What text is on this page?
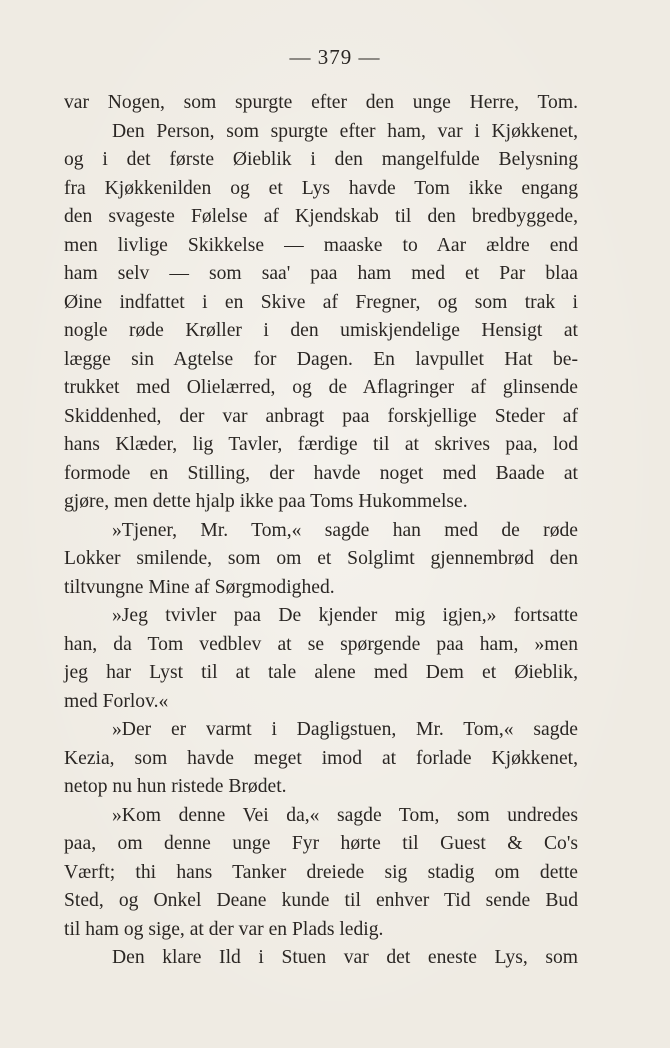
— 379 —
var Nogen, som spurgte efter den unge Herre, Tom.
Den Person, som spurgte efter ham, var i Kjøkkenet,
og i det første Øieblik i den mangelfulde Belysning
fra Kjøkkenilden og et Lys havde Tom ikke engang
den svageste Følelse af Kjendskab til den bredbyggede,
men livlige Skikkelse — maaske to Aar ældre end
ham selv — som saa' paa ham med et Par blaa
Øine indfattet i en Skive af Fregner, og som trak i
nogle røde Krøller i den umiskjendelige Hensigt at
lægge sin Agtelse for Dagen. En lavpullet Hat be-
trukket med Olielærred, og de Aflagringer af glinsende
Skiddenhed, der var anbragt paa forskjellige Steder af
hans Klæder, lig Tavler, færdige til at skrives paa, lod
formode en Stilling, der havde noget med Baade at
gjøre, men dette hjalp ikke paa Toms Hukommelse.
»Tjener, Mr. Tom,« sagde han med de røde
Lokker smilende, som om et Solglimt gjennembrød den
tiltvungne Mine af Sørgmodighed.
»Jeg tvivler paa De kjender mig igjen,» fortsatte
han, da Tom vedblev at se spørgende paa ham, »men
jeg har Lyst til at tale alene med Dem et Øieblik,
med Forlov.«
»Der er varmt i Dagligstuen, Mr. Tom,« sagde
Kezia, som havde meget imod at forlade Kjøkkenet,
netop nu hun ristede Brødet.
»Kom denne Vei da,« sagde Tom, som undredes
paa, om denne unge Fyr hørte til Guest & Co's
Værft; thi hans Tanker dreiede sig stadig om dette
Sted, og Onkel Deane kunde til enhver Tid sende Bud
til ham og sige, at der var en Plads ledig.
Den klare Ild i Stuen var det eneste Lys, som
